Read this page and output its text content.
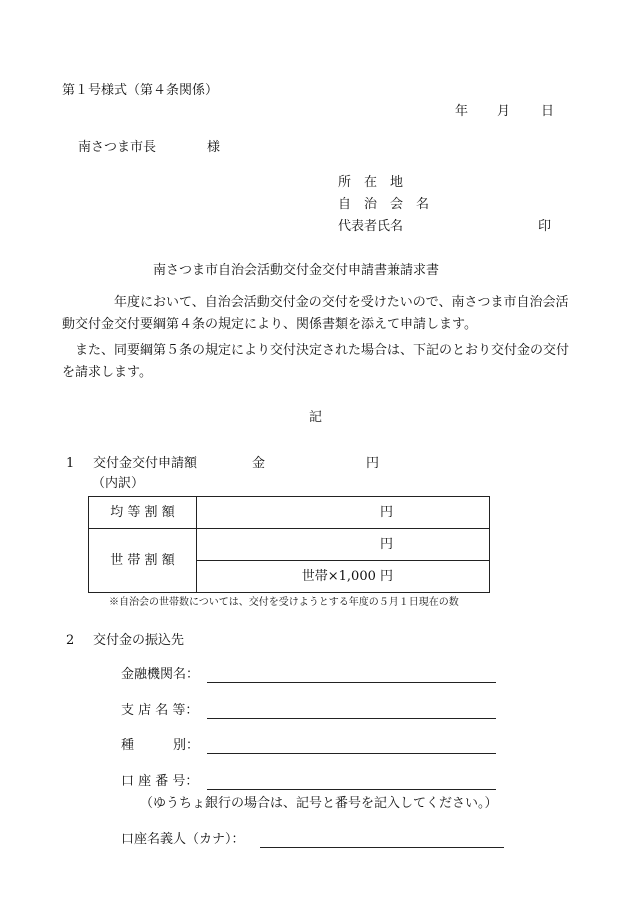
第１号様式（第４条関係）
年 月 日
南さつま市長	様
所　在　地
自　治　会　名
代表者氏名	印
南さつま市自治会活動交付金交付申請書兼請求書
　　　　年度において、自治会活動交付金の交付を受けたいので、南さつま市自治会活動交付金交付要綱第４条の規定により、関係書類を添えて申請します。
　また、同要綱第５条の規定により交付決定された場合は、下記のとおり交付金の交付を請求します。
記
1 交付金交付申請額	金	円
（内訳）
均 等 割 額	円
世 帯 割 額	円
	世帯×1,000 円
※自治会の世帯数については、交付を受けようとする年度の５月１日現在の数
2 交付金の振込先
金融機関名：
支 店 名 等：
種　　　別：
口 座 番 号：
（ゆうちょ銀行の場合は、記号と番号を記入してください。）
口座名義人（カナ）：
